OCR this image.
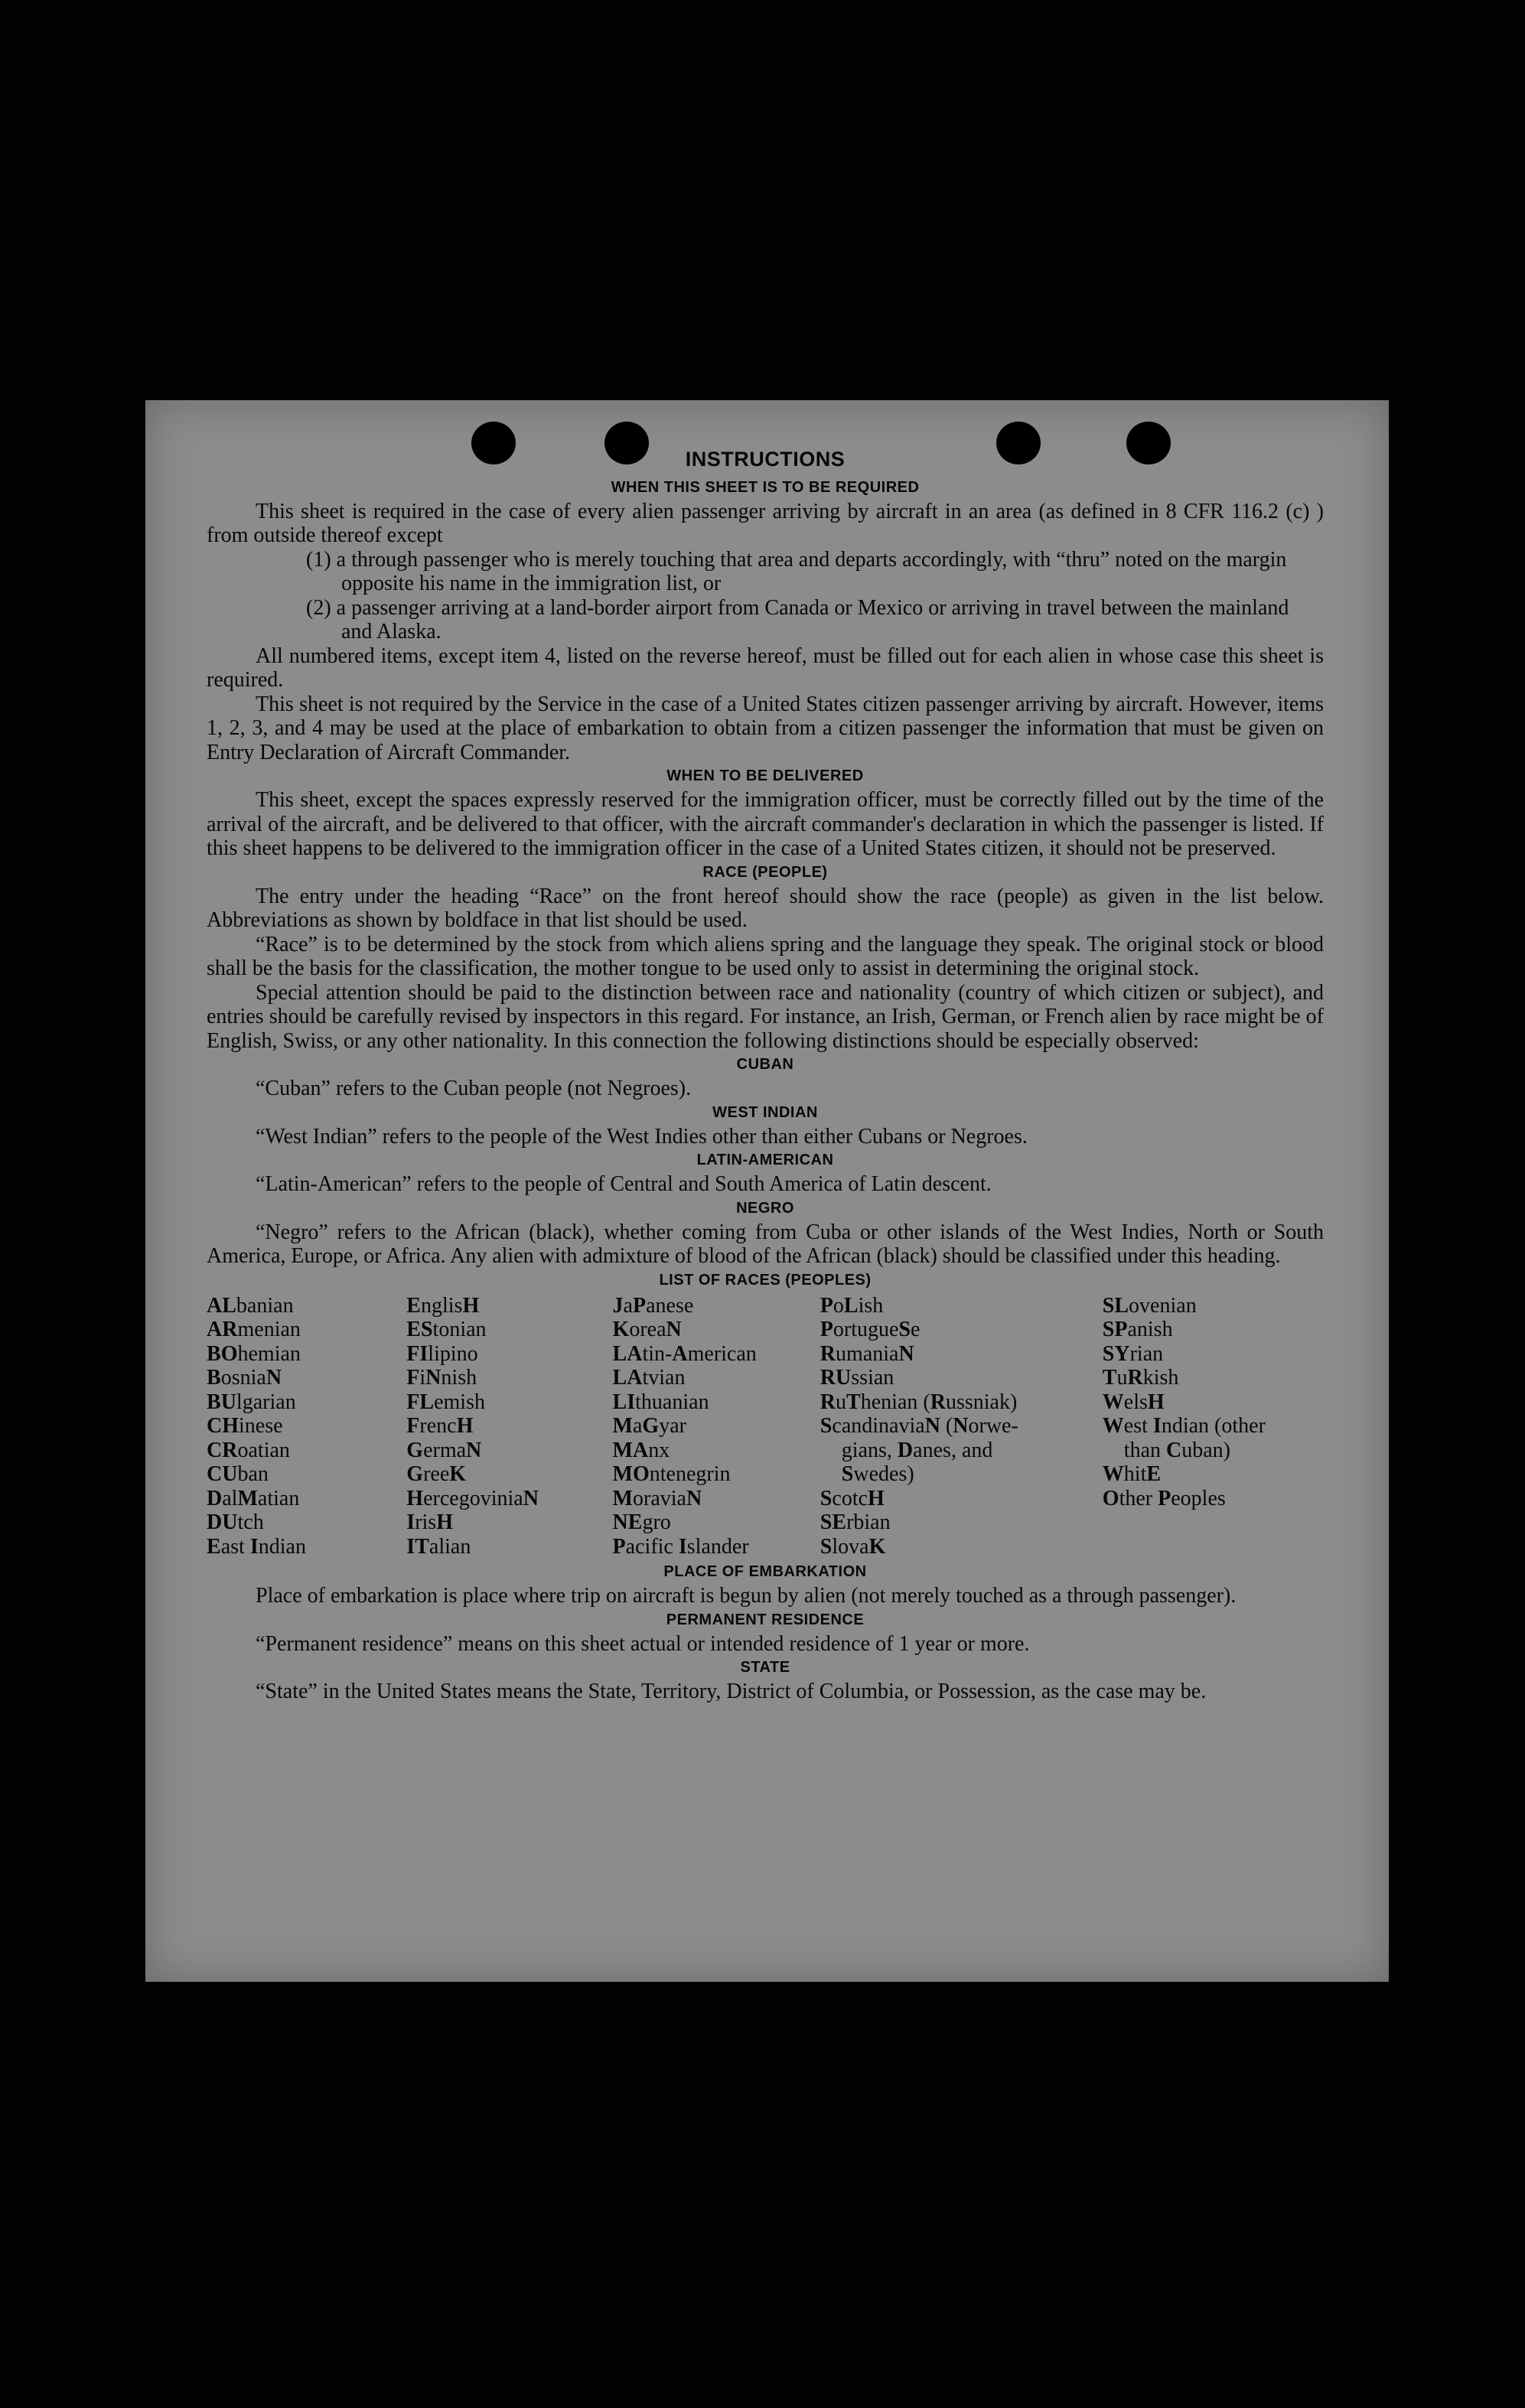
INSTRUCTIONS
WHEN THIS SHEET IS TO BE REQUIRED

This sheet is required in the case of every alien passenger arriving by aircraft in an area (as defined in 8 CFR 116.2 (c) ) from outside thereof except

(1) a through passenger who is merely touching that area and departs accordingly, with “thru” noted on the margin opposite his name in the immigration list, or

(2) a passenger arriving at a land-border airport from Canada or Mexico or arriving in travel between the mainland and Alaska.

All numbered items, except item 4, listed on the reverse hereof, must be filled out for each alien in whose case this sheet is required.

This sheet is not required by the Service in the case of a United States citizen passenger arriving by aircraft. However, items 1, 2, 3, and 4 may be used at the place of embarkation to obtain from a citizen passenger the information that must be given on Entry Declaration of Aircraft Commander.

WHEN TO BE DELIVERED

This sheet, except the spaces expressly reserved for the immigration officer, must be correctly filled out by the time of the arrival of the aircraft, and be delivered to that officer, with the aircraft commander's declaration in which the passenger is listed. If this sheet happens to be delivered to the immigration officer in the case of a United States citizen, it should not be preserved.

RACE (PEOPLE)

The entry under the heading “Race” on the front hereof should show the race (people) as given in the list below. Abbreviations as shown by boldface in that list should be used.

“Race” is to be determined by the stock from which aliens spring and the language they speak. The original stock or blood shall be the basis for the classification, the mother tongue to be used only to assist in determining the original stock.

Special attention should be paid to the distinction between race and nationality (country of which citizen or subject), and entries should be carefully revised by inspectors in this regard. For instance, an Irish, German, or French alien by race might be of English, Swiss, or any other nationality. In this connection the following distinctions should be especially observed:

CUBAN

“Cuban” refers to the Cuban people (not Negroes).

WEST INDIAN

“West Indian” refers to the people of the West Indies other than either Cubans or Negroes.

LATIN-AMERICAN

“Latin-American” refers to the people of Central and South America of Latin descent.

NEGRO

“Negro” refers to the African (black), whether coming from Cuba or other islands of the West Indies, North or South America, Europe, or Africa. Any alien with admixture of blood of the African (black) should be classified under this heading.

LIST OF RACES (PEOPLES)
ALbanian
ARmenian
BOhemian
BosniaN
BUlgarian
CHinese
CRoatian
CUban
DalMatian
DUtch
East Indian
EnglisH
EStonian
FIlipino
FiNnish
FLemish
FrencH
GermaN
GreeK
HercegoviniaN
IrisH
ITalian
JaPanese
KoreaN
LAtin-American
LAtvian
LIthuanian
MaGyar
MAnx
MOntenegrin
MoraviaN
NEgro
Pacific Islander
PoLish
PortugueSe
RumaniaN
RUssian
RuThenian (Russniak)
ScandinaviaN (Norwe-
gians, Danes, and
Swedes)
ScotcH
SErbian
SlovaK
SLovenian
SPanish
SYrian
TuRkish
WelsH
West Indian (other
than Cuban)
WhitE
Other Peoples
PLACE OF EMBARKATION

Place of embarkation is place where trip on aircraft is begun by alien (not merely touched as a through passenger).

PERMANENT RESIDENCE

“Permanent residence” means on this sheet actual or intended residence of 1 year or more.

STATE

“State” in the United States means the State, Territory, District of Columbia, or Possession, as the case may be.
